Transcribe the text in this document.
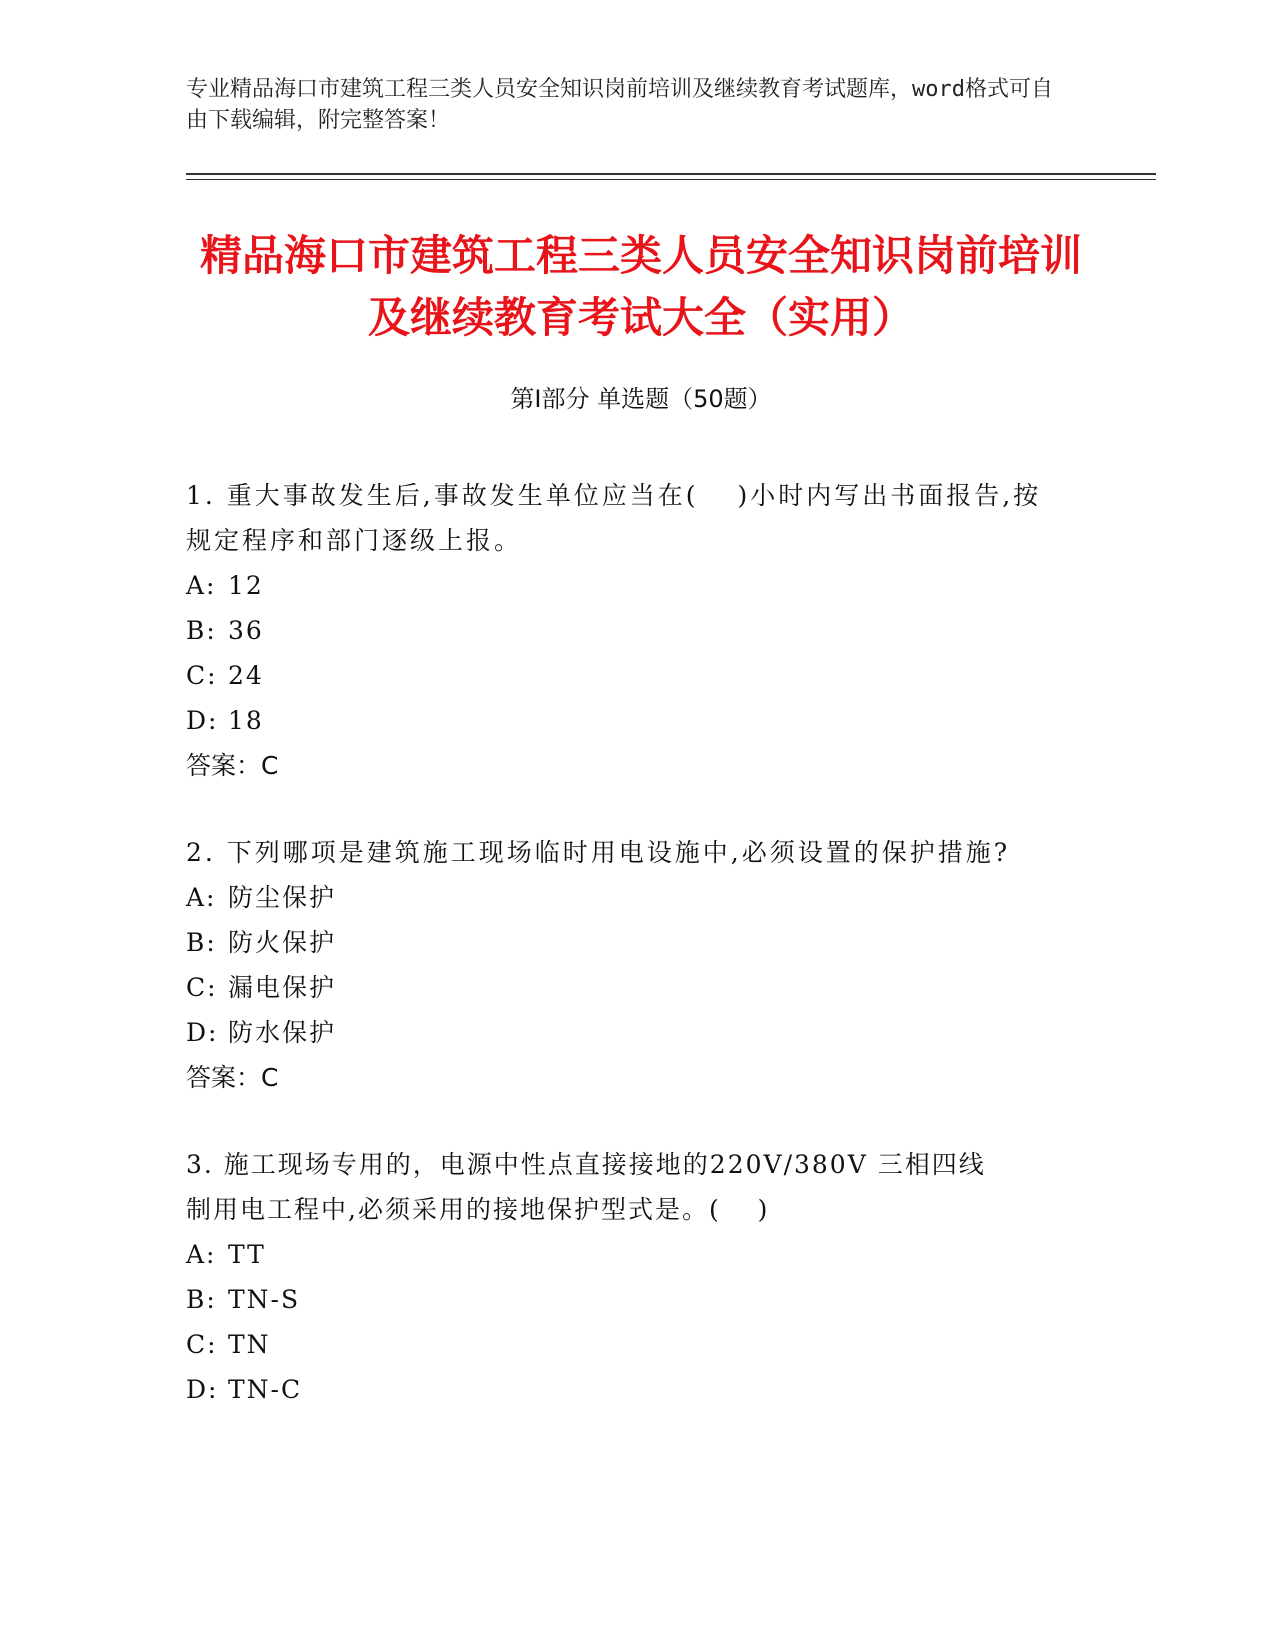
专业精品海口市建筑工程三类人员安全知识岗前培训及继续教育考试题库，word格式可自由下载编辑，附完整答案！
精品海口市建筑工程三类人员安全知识岗前培训及继续教育考试大全（实用）
第Ⅰ部分 单选题（50题）

1. 重大事故发生后,事故发生单位应当在(　 )小时内写出书面报告,按规定程序和部门逐级上报。

A: 12
B: 36
C: 24
D: 18
答案：C

2. 下列哪项是建筑施工现场临时用电设施中,必须设置的保护措施?

A: 防尘保护
B: 防火保护
C: 漏电保护
D: 防水保护
答案：C

3. 施工现场专用的，电源中性点直接接地的220V/380V 三相四线制用电工程中,必须采用的接地保护型式是。(　 )

A: TT
B: TN-S
C: TN
D: TN-C
